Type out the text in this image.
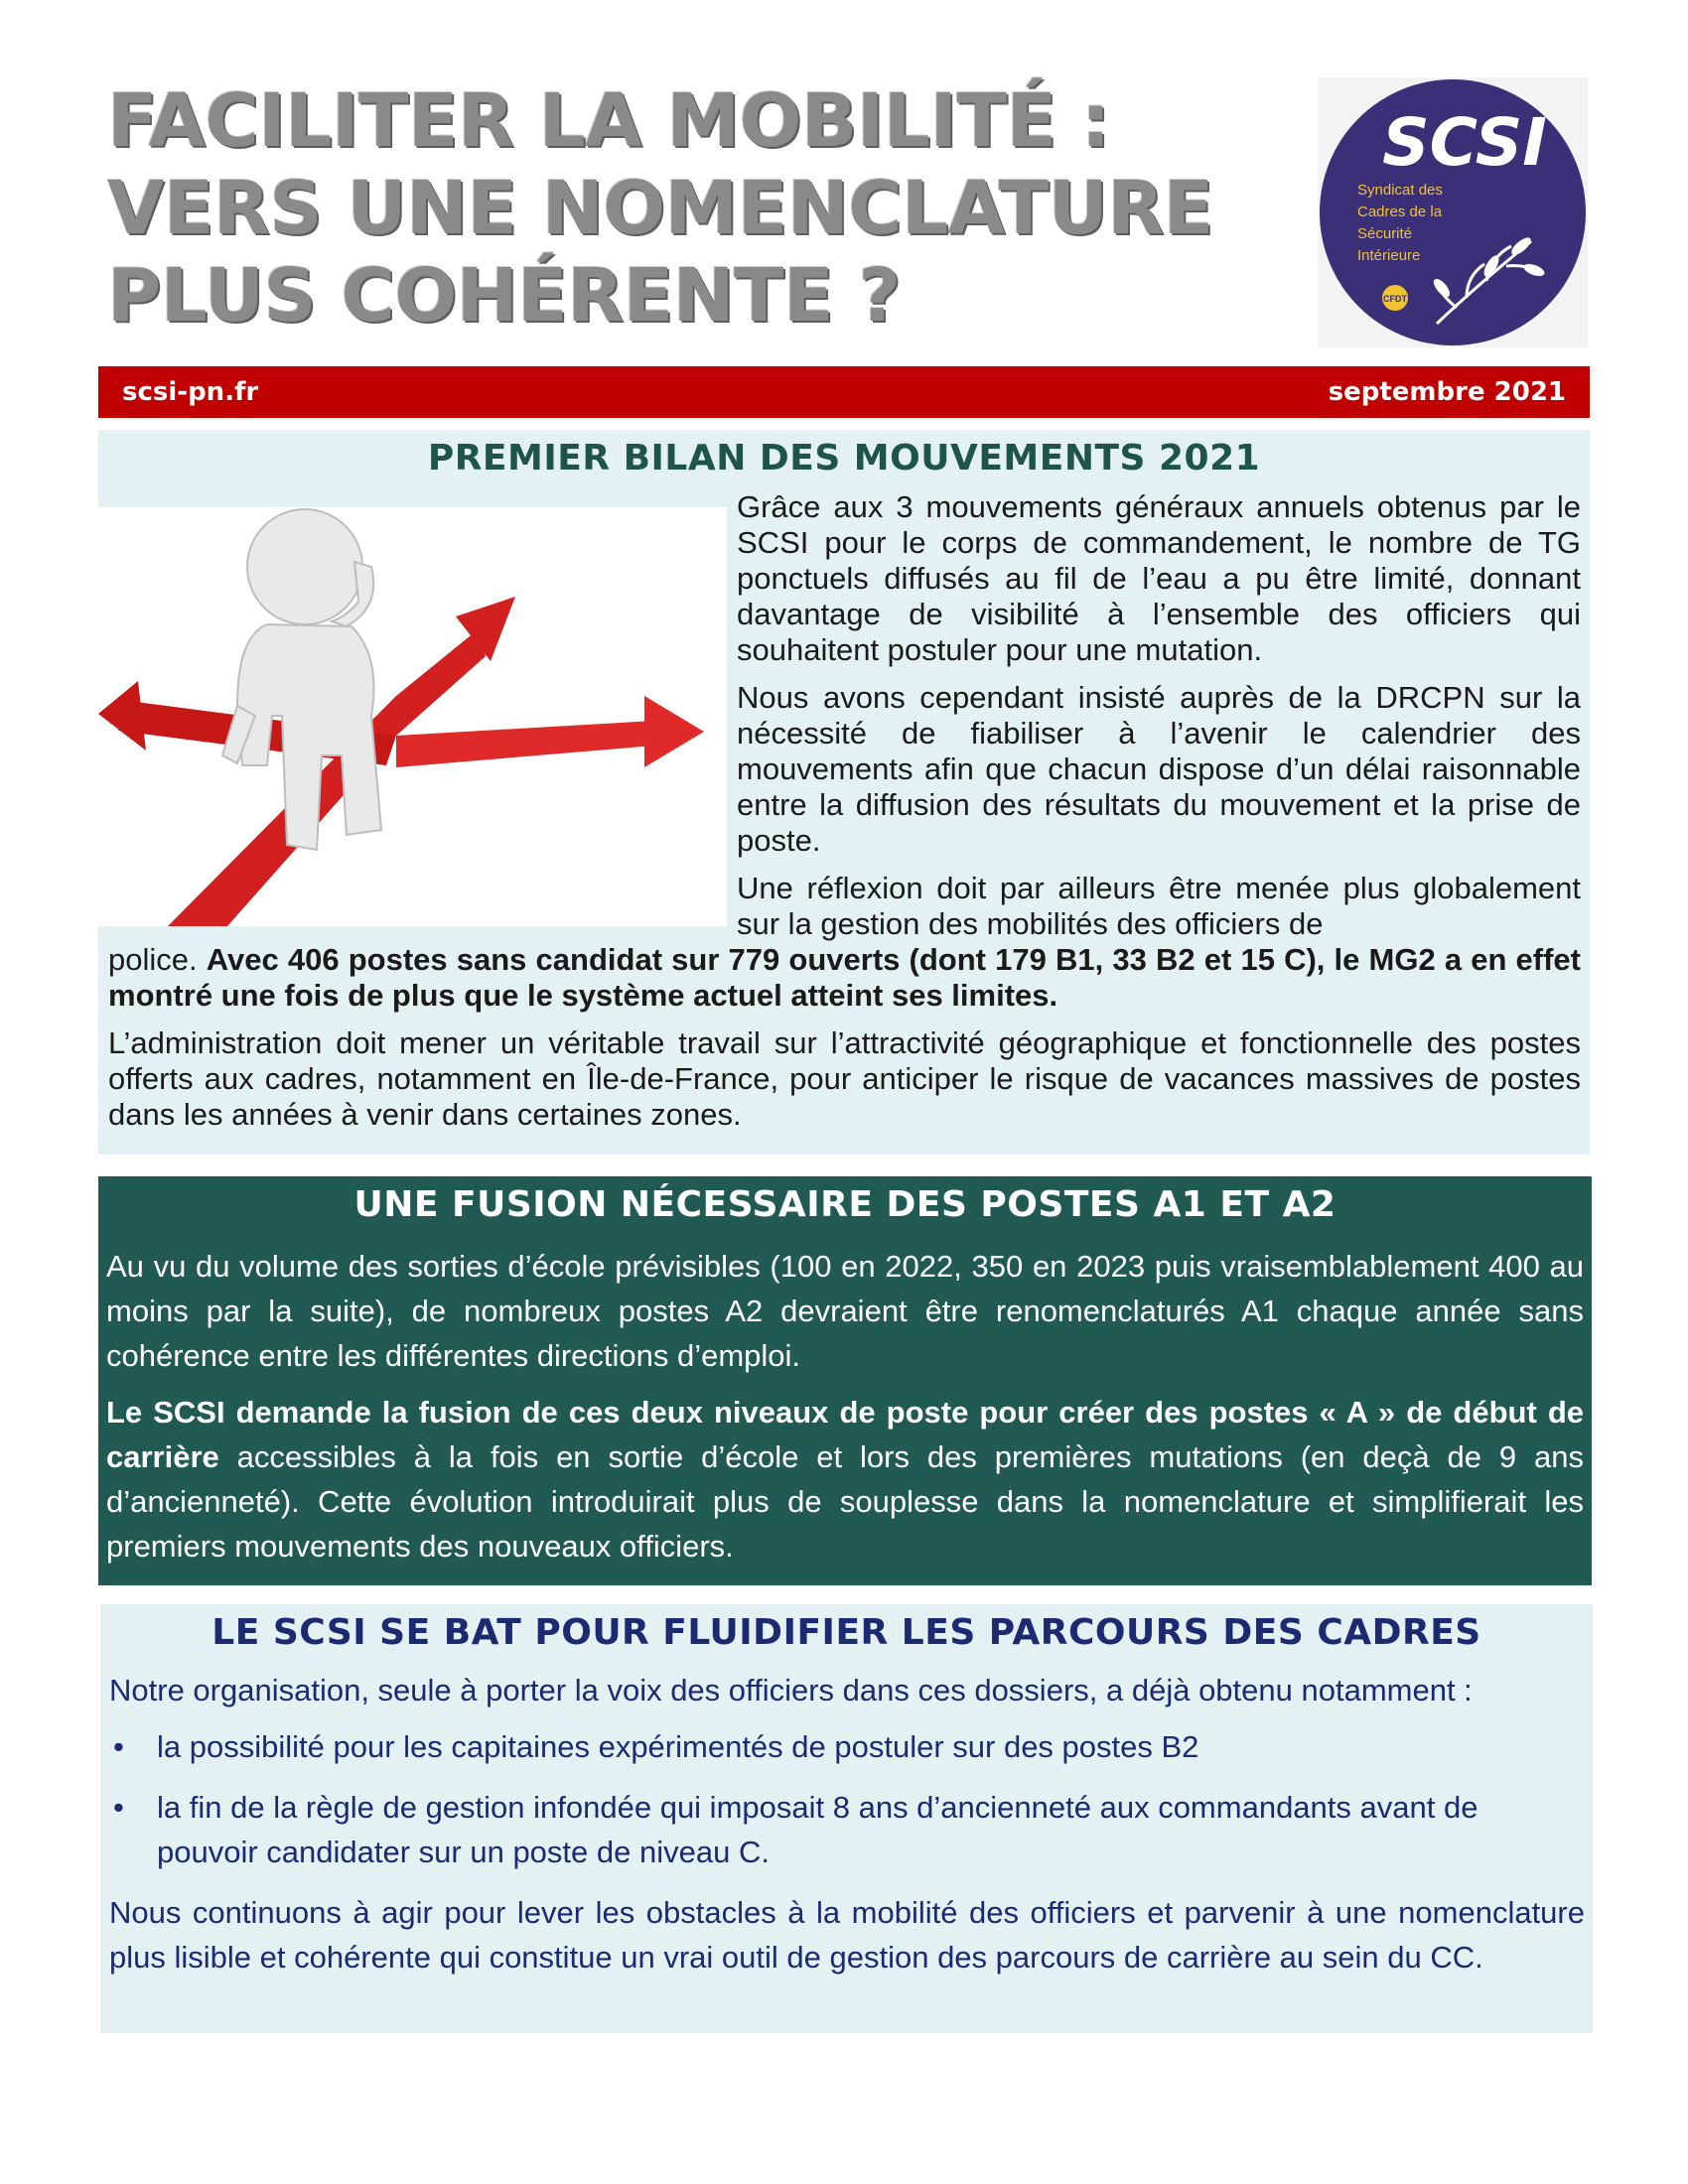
FACILITER LA MOBILITÉ :
VERS UNE NOMENCLATURE
PLUS COHÉRENTE ?
SCSI
Syndicat des
Cadres de la
Sécurité
Intérieure
CFDT
scsi-pn.fr	septembre 2021
PREMIER BILAN DES MOUVEMENTS 2021

Grâce aux 3 mouvements généraux annuels obtenus par le SCSI pour le corps de commandement, le nombre de TG ponctuels diffusés au fil de l’eau a pu être limité, donnant davantage de visibilité à l’ensemble des officiers qui souhaitent postuler pour une mutation.

Nous avons cependant insisté auprès de la DRCPN sur la nécessité de fiabiliser à l’avenir le calendrier des mouvements afin que chacun dispose d’un délai raisonnable entre la diffusion des résultats du mouvement et la prise de poste.

Une réflexion doit par ailleurs être menée plus globalement sur la gestion des mobilités des officiers de

police. Avec 406 postes sans candidat sur 779 ouverts (dont 179 B1, 33 B2 et 15 C), le MG2 a en effet montré une fois de plus que le système actuel atteint ses limites.

L’administration doit mener un véritable travail sur l’attractivité géographique et fonctionnelle des postes offerts aux cadres, notamment en Île-de-France, pour anticiper le risque de vacances massives de postes dans les années à venir dans certaines zones.

UNE FUSION NÉCESSAIRE DES POSTES A1 ET A2

Au vu du volume des sorties d’école prévisibles (100 en 2022, 350 en 2023 puis vraisemblablement 400 au moins par la suite), de nombreux postes A2 devraient être renomenclaturés A1 chaque année sans cohérence entre les différentes directions d’emploi.

Le SCSI demande la fusion de ces deux niveaux de poste pour créer des postes « A » de début de carrière accessibles à la fois en sortie d’école et lors des premières mutations (en deçà de 9 ans d’ancienneté). Cette évolution introduirait plus de souplesse dans la nomenclature et simplifierait les premiers mouvements des nouveaux officiers.

LE SCSI SE BAT POUR FLUIDIFIER LES PARCOURS DES CADRES

Notre organisation, seule à porter la voix des officiers dans ces dossiers, a déjà obtenu notamment :

• la possibilité pour les capitaines expérimentés de postuler sur des postes B2
• la fin de la règle de gestion infondée qui imposait 8 ans d’ancienneté aux commandants avant de pouvoir candidater sur un poste de niveau C.

Nous continuons à agir pour lever les obstacles à la mobilité des officiers et parvenir à une nomenclature plus lisible et cohérente qui constitue un vrai outil de gestion des parcours de carrière au sein du CC.
